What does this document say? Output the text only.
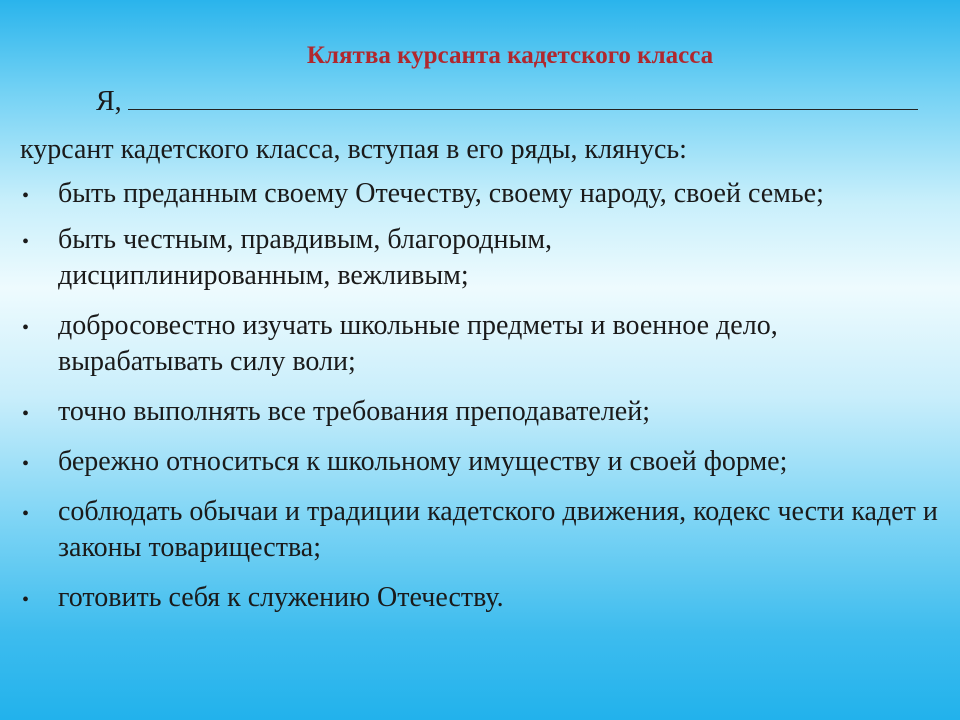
Клятва курсанта кадетского класса
Я,
курсант кадетского класса, вступая в его ряды, клянусь:
• быть преданным своему Отечеству, своему народу, своей семье;
• быть честным, правдивым, благородным, дисциплинированным, вежливым;
• добросовестно изучать школьные предметы и военное дело, вырабатывать силу воли;
• точно выполнять все требования преподавателей;
• бережно относиться к школьному имуществу и своей форме;
• соблюдать обычаи и традиции кадетского движения, кодекс чести кадет и законы товарищества;
• готовить себя к служению Отечеству.
